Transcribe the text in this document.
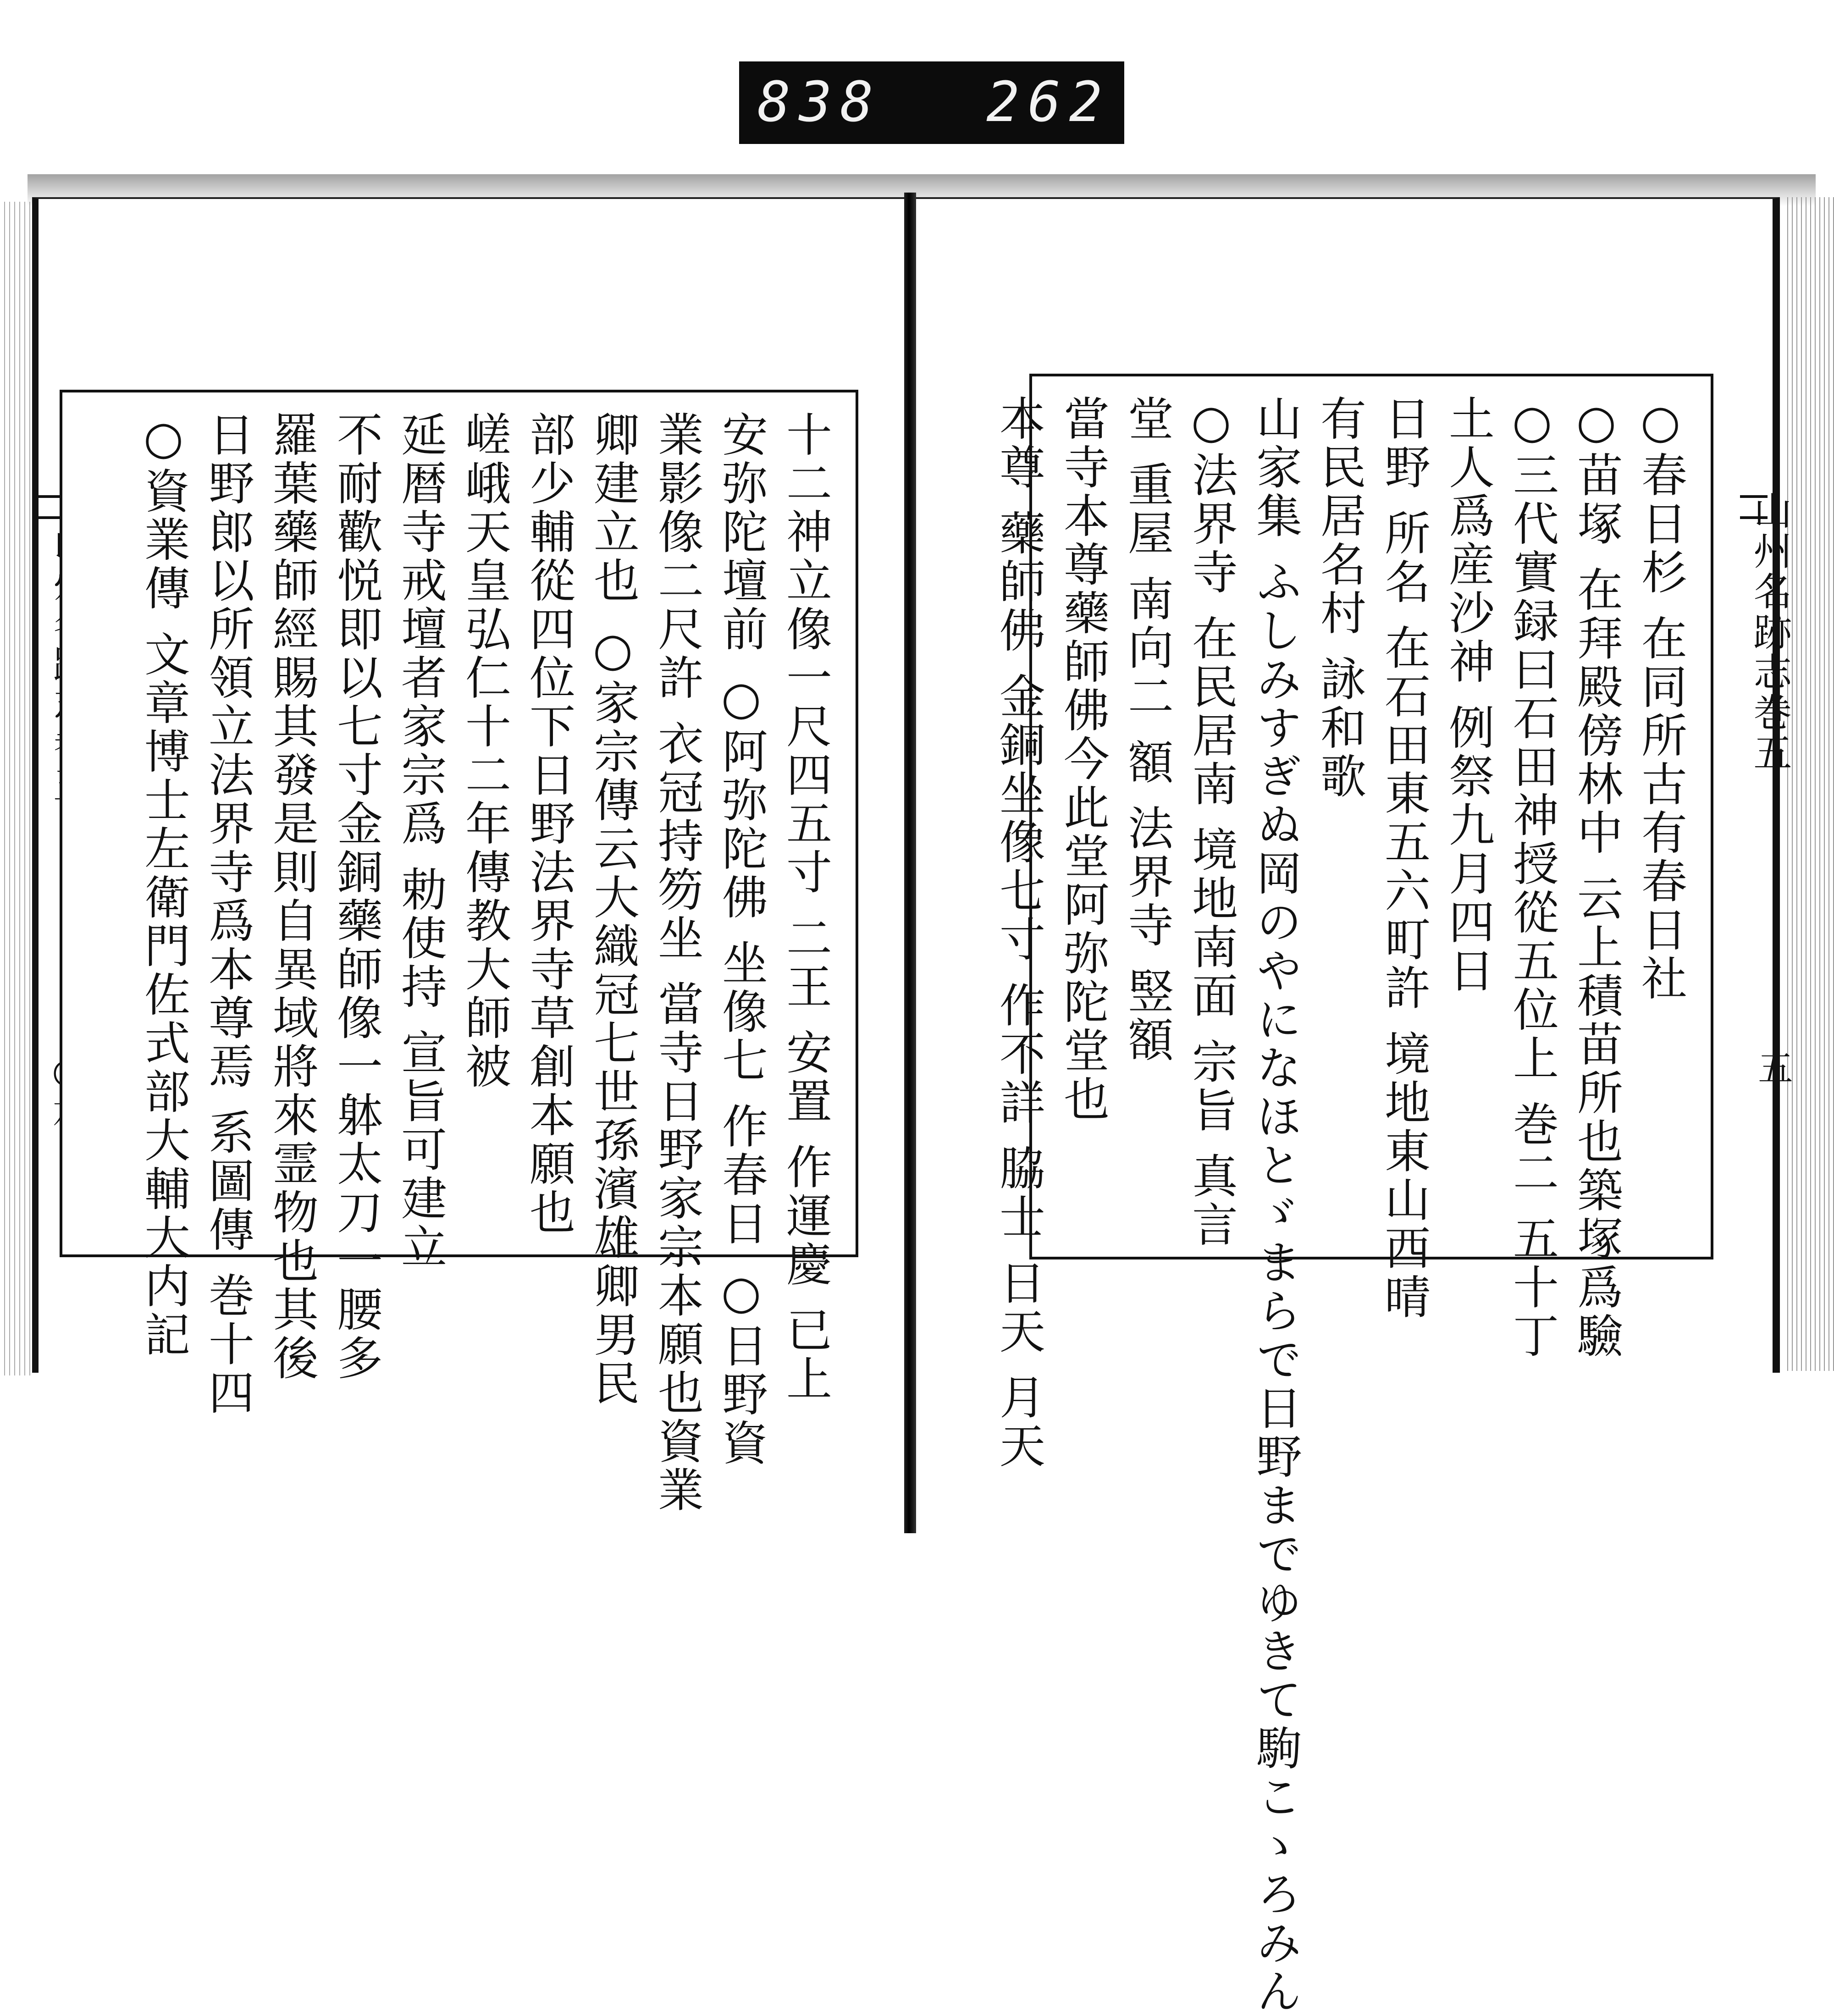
838 262
山州名跡志巻五
五
十二神立像一尺四五寸 二王 安置 作運慶 已上
安弥陀壇前 ○阿弥陀佛 坐像七 作春日 ○日野資
業影像二尺許 衣冠持笏坐 當寺日野家宗本願也資業
卿建立也 ○家宗傳云大織冠七世孫濱雄卿男民
部少輔從四位下日野法界寺草創本願也
嵯峨天皇弘仁十二年傳教大師被
延暦寺戒壇者家宗爲 勅使持 宣旨可建立
不耐歡悦即以七寸金銅藥師像一躰太刀一腰多
羅葉藥師經賜其發是則自異域將來霊物也其後
日野郎以所領立法界寺爲本尊焉 系圖傳 巻十四
○資業傳 文章博士左衛門佐式部大輔大内記	○春日杉 在同所古有春日社
○苗塚 在拜殿傍林中 云上積苗所也築塚爲驗
○三代實録曰石田神授從五位上 巻二 五十丁
土人爲産沙神 例祭九月四日
日野 所名 在石田東五六町許 境地東山西晴
有民居名村 詠和歌
山家集 ふしみすぎぬ岡のやになほとゞまらで日野までゆきて駒こゝろみん
○法界寺 在民居南 境地南面 宗旨 真言
堂 重屋 南向二 額 法界寺 竪額
當寺本尊藥師佛今此堂阿弥陀堂也
本尊 藥師佛 金銅坐像七寸 作不詳 脇士 日天 月天
